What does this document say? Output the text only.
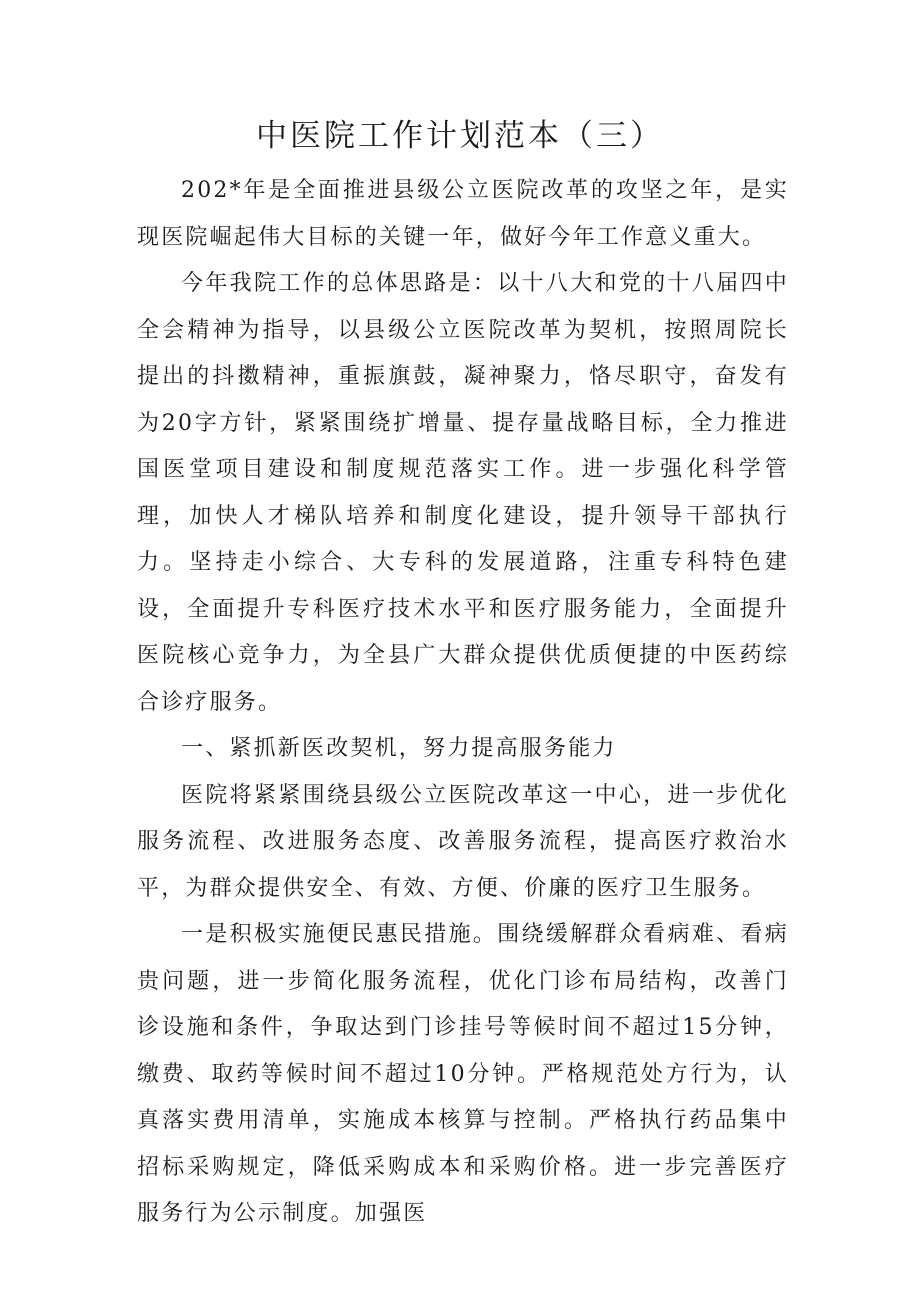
中医院工作计划范本（三）

202*年是全面推进县级公立医院改革的攻坚之年，是实现医院崛起伟大目标的关键一年，做好今年工作意义重大。

今年我院工作的总体思路是：以十八大和党的十八届四中全会精神为指导，以县级公立医院改革为契机，按照周院长提出的抖擞精神，重振旗鼓，凝神聚力，恪尽职守，奋发有为20字方针，紧紧围绕扩增量、提存量战略目标，全力推进国医堂项目建设和制度规范落实工作。进一步强化科学管理，加快人才梯队培养和制度化建设，提升领导干部执行力。坚持走小综合、大专科的发展道路，注重专科特色建设，全面提升专科医疗技术水平和医疗服务能力，全面提升医院核心竞争力，为全县广大群众提供优质便捷的中医药综合诊疗服务。

一、紧抓新医改契机，努力提高服务能力

医院将紧紧围绕县级公立医院改革这一中心，进一步优化服务流程、改进服务态度、改善服务流程，提高医疗救治水平，为群众提供安全、有效、方便、价廉的医疗卫生服务。

一是积极实施便民惠民措施。围绕缓解群众看病难、看病贵问题，进一步简化服务流程，优化门诊布局结构，改善门诊设施和条件，争取达到门诊挂号等候时间不超过15分钟，缴费、取药等候时间不超过10分钟。严格规范处方行为，认真落实费用清单，实施成本核算与控制。严格执行药品集中招标采购规定，降低采购成本和采购价格。进一步完善医疗服务行为公示制度。加强医
